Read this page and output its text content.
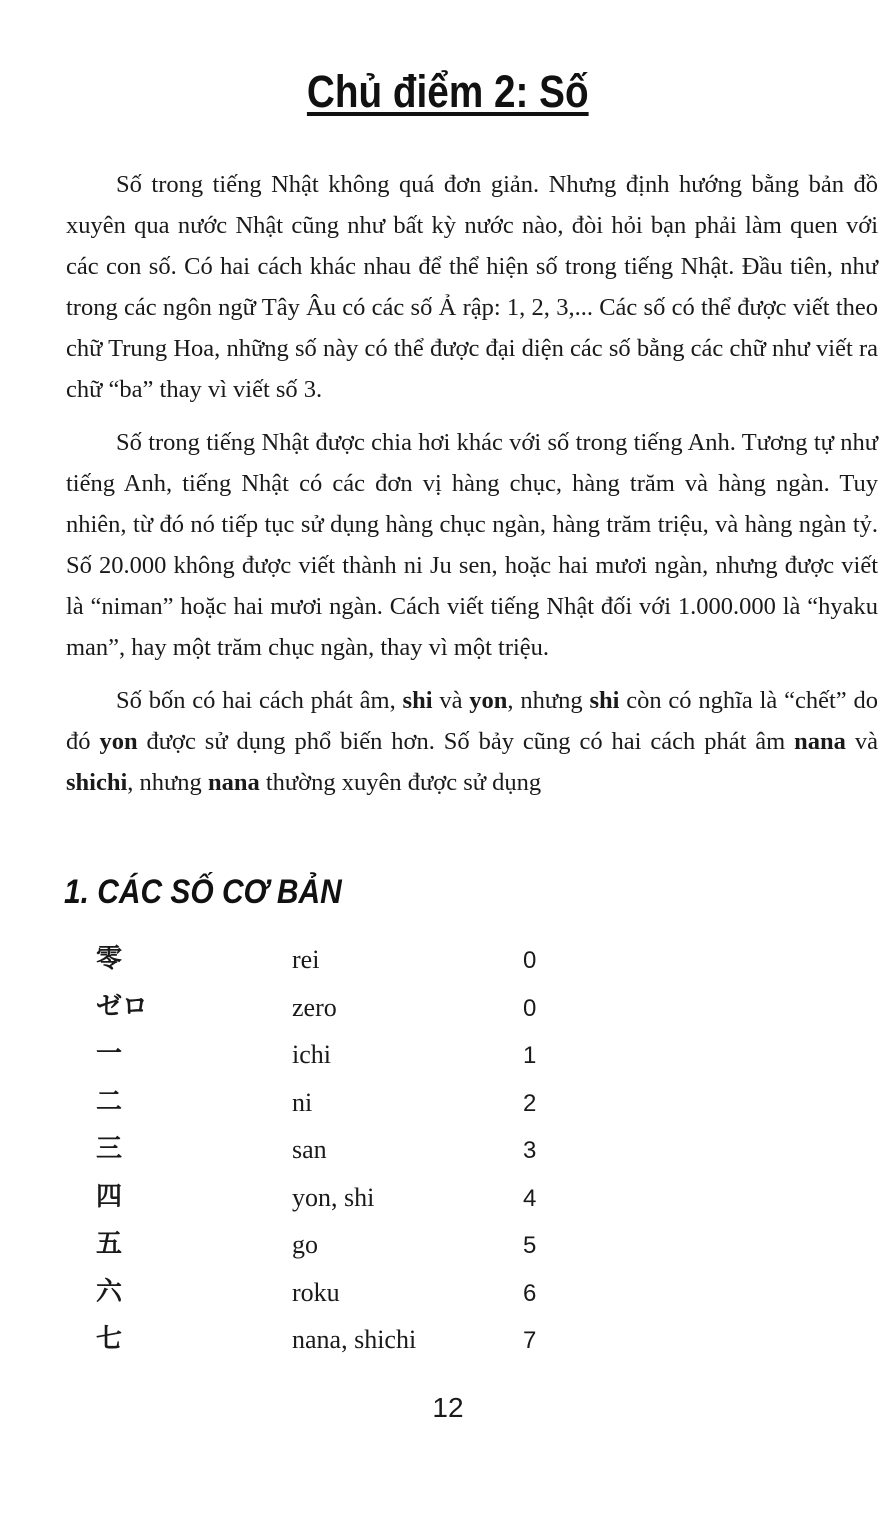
Chủ điểm 2: Số

Số trong tiếng Nhật không quá đơn giản. Nhưng định hướng bằng bản đồ xuyên qua nước Nhật cũng như bất kỳ nước nào, đòi hỏi bạn phải làm quen với các con số. Có hai cách khác nhau để thể hiện số trong tiếng Nhật. Đầu tiên, như trong các ngôn ngữ Tây Âu có các số Ả rập: 1, 2, 3,... Các số có thể được viết theo chữ Trung Hoa, những số này có thể được đại diện các số bằng các chữ như viết ra chữ “ba” thay vì viết số 3.

Số trong tiếng Nhật được chia hơi khác với số trong tiếng Anh. Tương tự như tiếng Anh, tiếng Nhật có các đơn vị hàng chục, hàng trăm và hàng ngàn. Tuy nhiên, từ đó nó tiếp tục sử dụng hàng chục ngàn, hàng trăm triệu, và hàng ngàn tỷ. Số 20.000 không được viết thành ni Ju sen, hoặc hai mươi ngàn, nhưng được viết là “niman” hoặc hai mươi ngàn. Cách viết tiếng Nhật đối với 1.000.000 là “hyaku man”, hay một trăm chục ngàn, thay vì một triệu.

Số bốn có hai cách phát âm, shi và yon, nhưng shi còn có nghĩa là “chết” do đó yon được sử dụng phổ biến hơn. Số bảy cũng có hai cách phát âm nana và shichi, nhưng nana thường xuyên được sử dụng

1. CÁC SỐ CƠ BẢN
零	rei	0
ゼロ	zero	0
一	ichi	1
二	ni	2
三	san	3
四	yon, shi	4
五	go	5
六	roku	6
七	nana, shichi	7
12
